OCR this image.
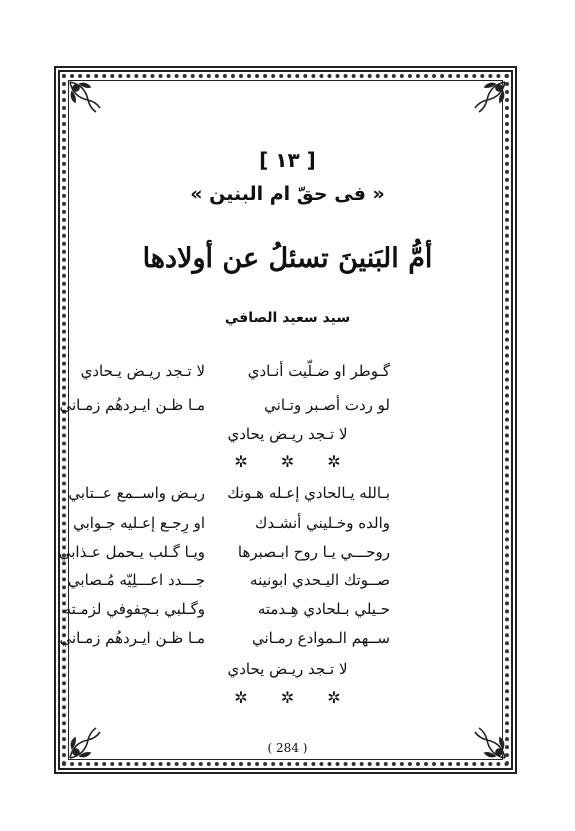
[ ١٣ ]
« فی حقّ ام البنین »
أمُّ البَنينَ تسئلُ عن أولادها
سيد سعيد الصافي
گـوطر او ضـلّيت أنـادي
لا تـجد ريـض يـحادي
لو ردت أصـبر وتـاني
مـا ظـن ايـردهُم زمـاني
لا تـجد ريـض يحادي
✲ ✲ ✲
بـالله يـالحادي إعـله هـونك
ريـض واســمع عــتابي
والده وخـليني أنشـدك
او رِجـع إعـليه جـوابي
روحـــي يـا روح ابـصبرها
ويـا گـلب يـحمل عـذابي
صــوتك اليـحدي ابونينه
جـــدد اعـــلِيّه مُـصابي
حـيلي بـلحادي هِـدمته
وگـلبي بـچفوفي لزمـته
ســهم الـموادع رمـاني
مـا ظـن ايـردهُم زمـاني
لا تـجد ريـض يحادي
✲ ✲ ✲
( 284 )
